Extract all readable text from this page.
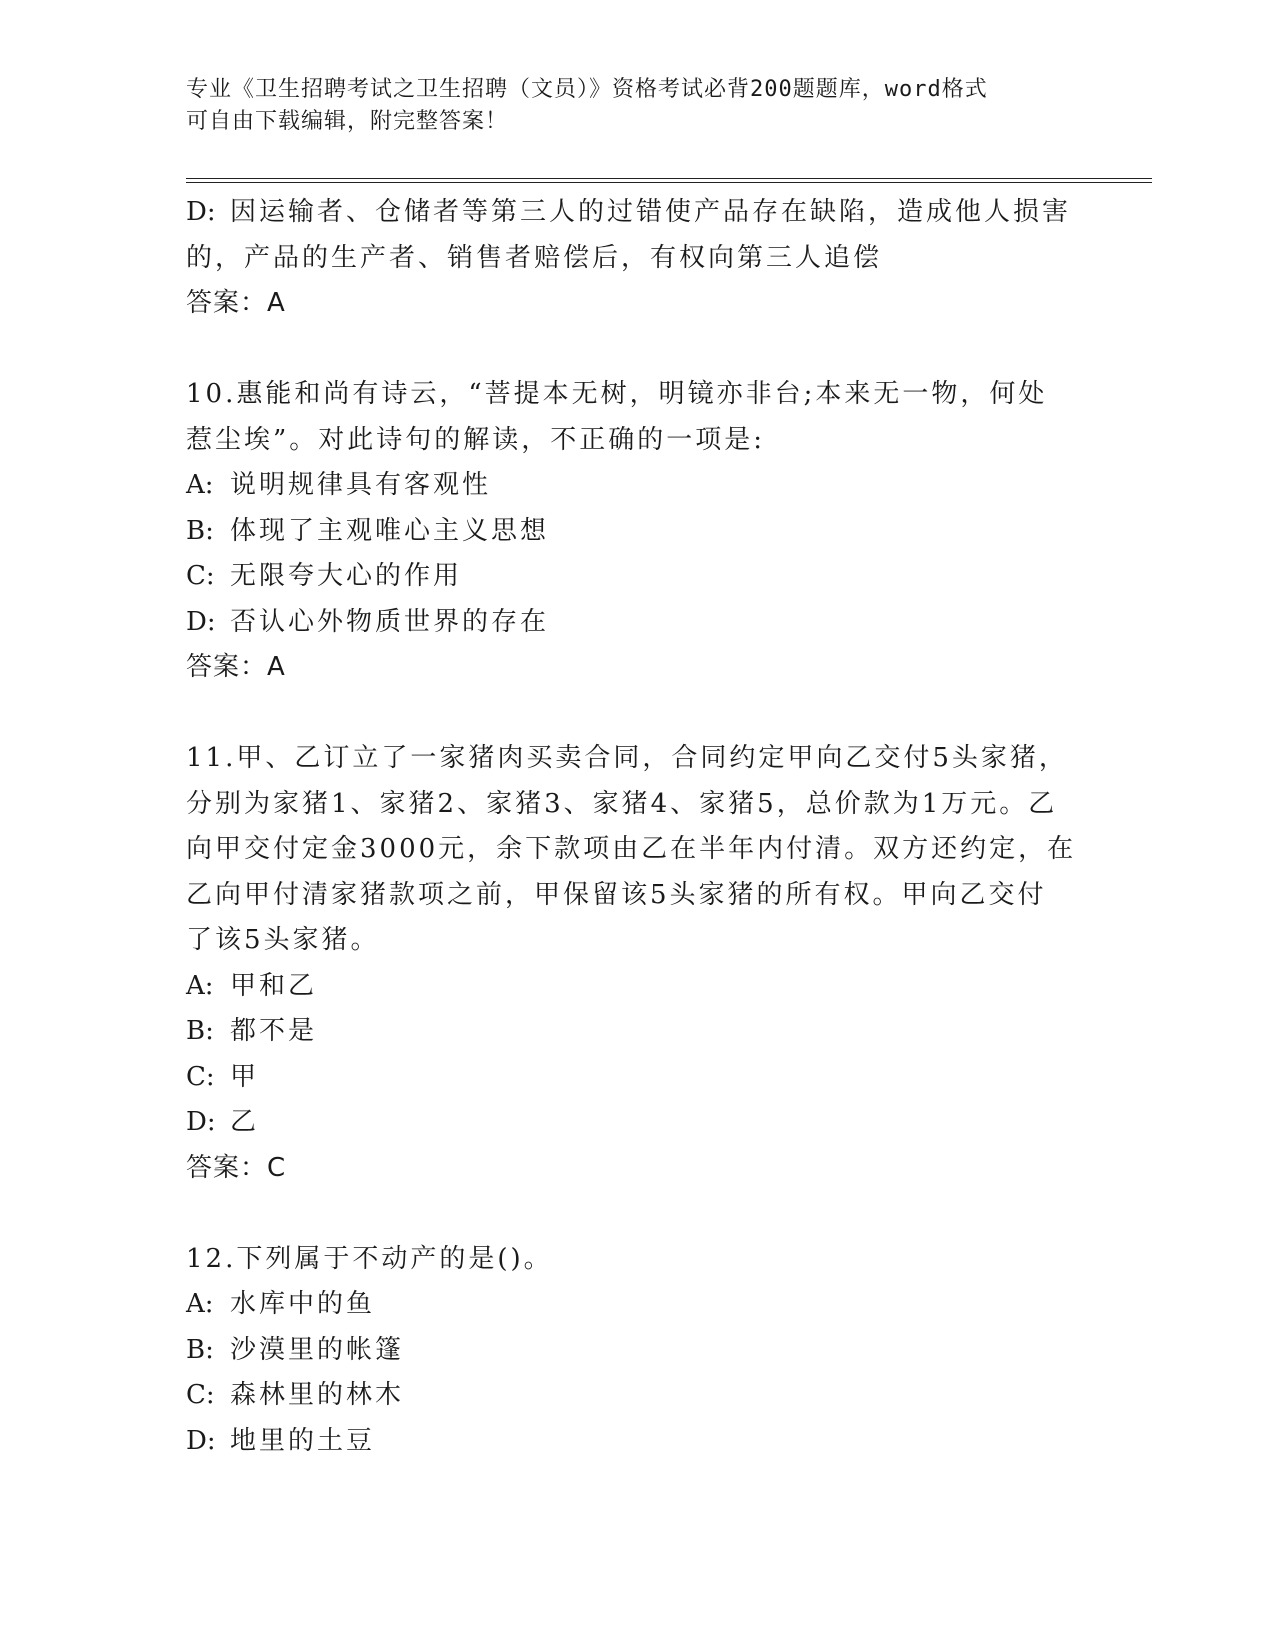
专业《卫生招聘考试之卫生招聘（文员）》资格考试必背200题题库，word格式
可自由下载编辑，附完整答案！
D: 因运输者、仓储者等第三人的过错使产品存在缺陷，造成他人损害
的，产品的生产者、销售者赔偿后，有权向第三人追偿
答案：A
10.惠能和尚有诗云，“菩提本无树，明镜亦非台;本来无一物，何处
惹尘埃”。对此诗句的解读，不正确的一项是:
A: 说明规律具有客观性
B: 体现了主观唯心主义思想
C: 无限夸大心的作用
D: 否认心外物质世界的存在
答案：A
11.甲、乙订立了一家猪肉买卖合同，合同约定甲向乙交付5头家猪，
分别为家猪1、家猪2、家猪3、家猪4、家猪5，总价款为1万元。乙
向甲交付定金3000元，余下款项由乙在半年内付清。双方还约定，在
乙向甲付清家猪款项之前，甲保留该5头家猪的所有权。甲向乙交付
了该5头家猪。
A: 甲和乙
B: 都不是
C: 甲
D: 乙
答案：C
12.下列属于不动产的是()。
A: 水库中的鱼
B: 沙漠里的帐篷
C: 森林里的林木
D: 地里的土豆
